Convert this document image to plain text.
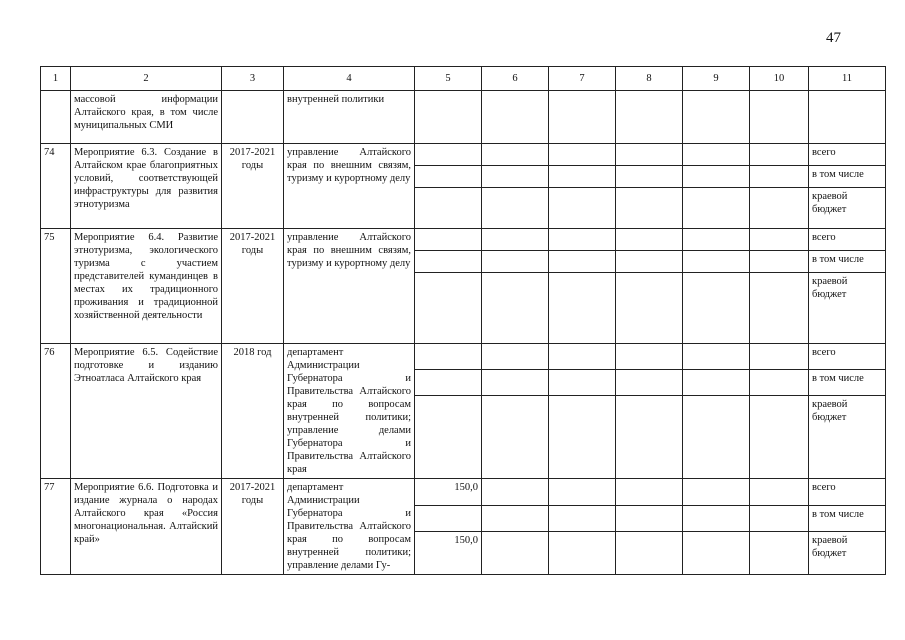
47
1	2	3	4	5	6	7	8	9	10	11
	массовой информации Алтайского края, в том числе муниципальных СМИ		внутренней политики							
74	Мероприятие 6.3. Создание в Алтайском крае благоприятных условий, соответствующей инфраструктуры для развития этнотуризма	2017-2021 годы	управление Алтайского края по внешним связям, туризму и курортному делу							всего
										в том числе
										краевой бюджет
75	Мероприятие 6.4. Развитие этнотуризма, экологического туризма с участием представителей кумандинцев в местах их традиционного проживания и традиционной хозяйственной деятельности	2017-2021 годы	управление Алтайского края по внешним связям, туризму и курортному делу							всего
										в том числе
										краевой бюджет
76	Мероприятие 6.5. Содействие подготовке и изданию Этноатласа Алтайского края	2018 год	департамент Администрации Губернатора и Правительства Алтайского края по вопросам внутренней политики; управление делами Губернатора и Правительства Алтайского края							всего
										в том числе
										краевой бюджет
77	Мероприятие 6.6. Подготовка и издание журнала о народах Алтайского края «Россия многонациональная. Алтайский край»	2017-2021 годы	департамент Администрации Губернатора и Правительства Алтайского края по вопросам внутренней политики; управление делами Гу-	150,0						всего
										в том числе
				150,0						краевой бюджет
